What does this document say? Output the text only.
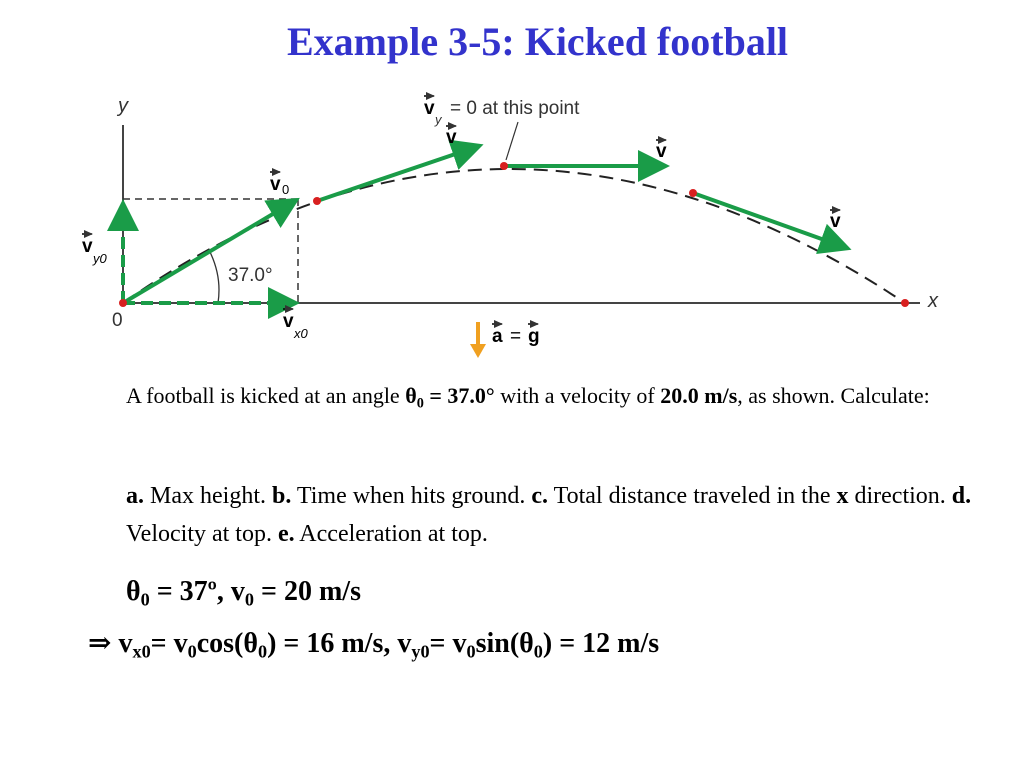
Example 3-5: Kicked football
y
x
0
37.0°
v 0
v
y0
v
x0
v
v
v
v
y
= 0 at this point
a = g
A football is kicked at an angle $\theta_0 = 37.0^\circ$ with a velocity of 20.0 m/s, as shown. Calculate:
a. Max height. b. Time when hits ground. c. Total distance traveled in the x direction. d. Velocity at top. e. Acceleration at top.
$\theta_0$ = 37º, $v_0 = 20$ m/s
⇒ $v_{x0}= v_0\cos(\theta_0) = 16$ m/s, $v_{y0}= v_0\sin(\theta_0) = 12$ m/s
